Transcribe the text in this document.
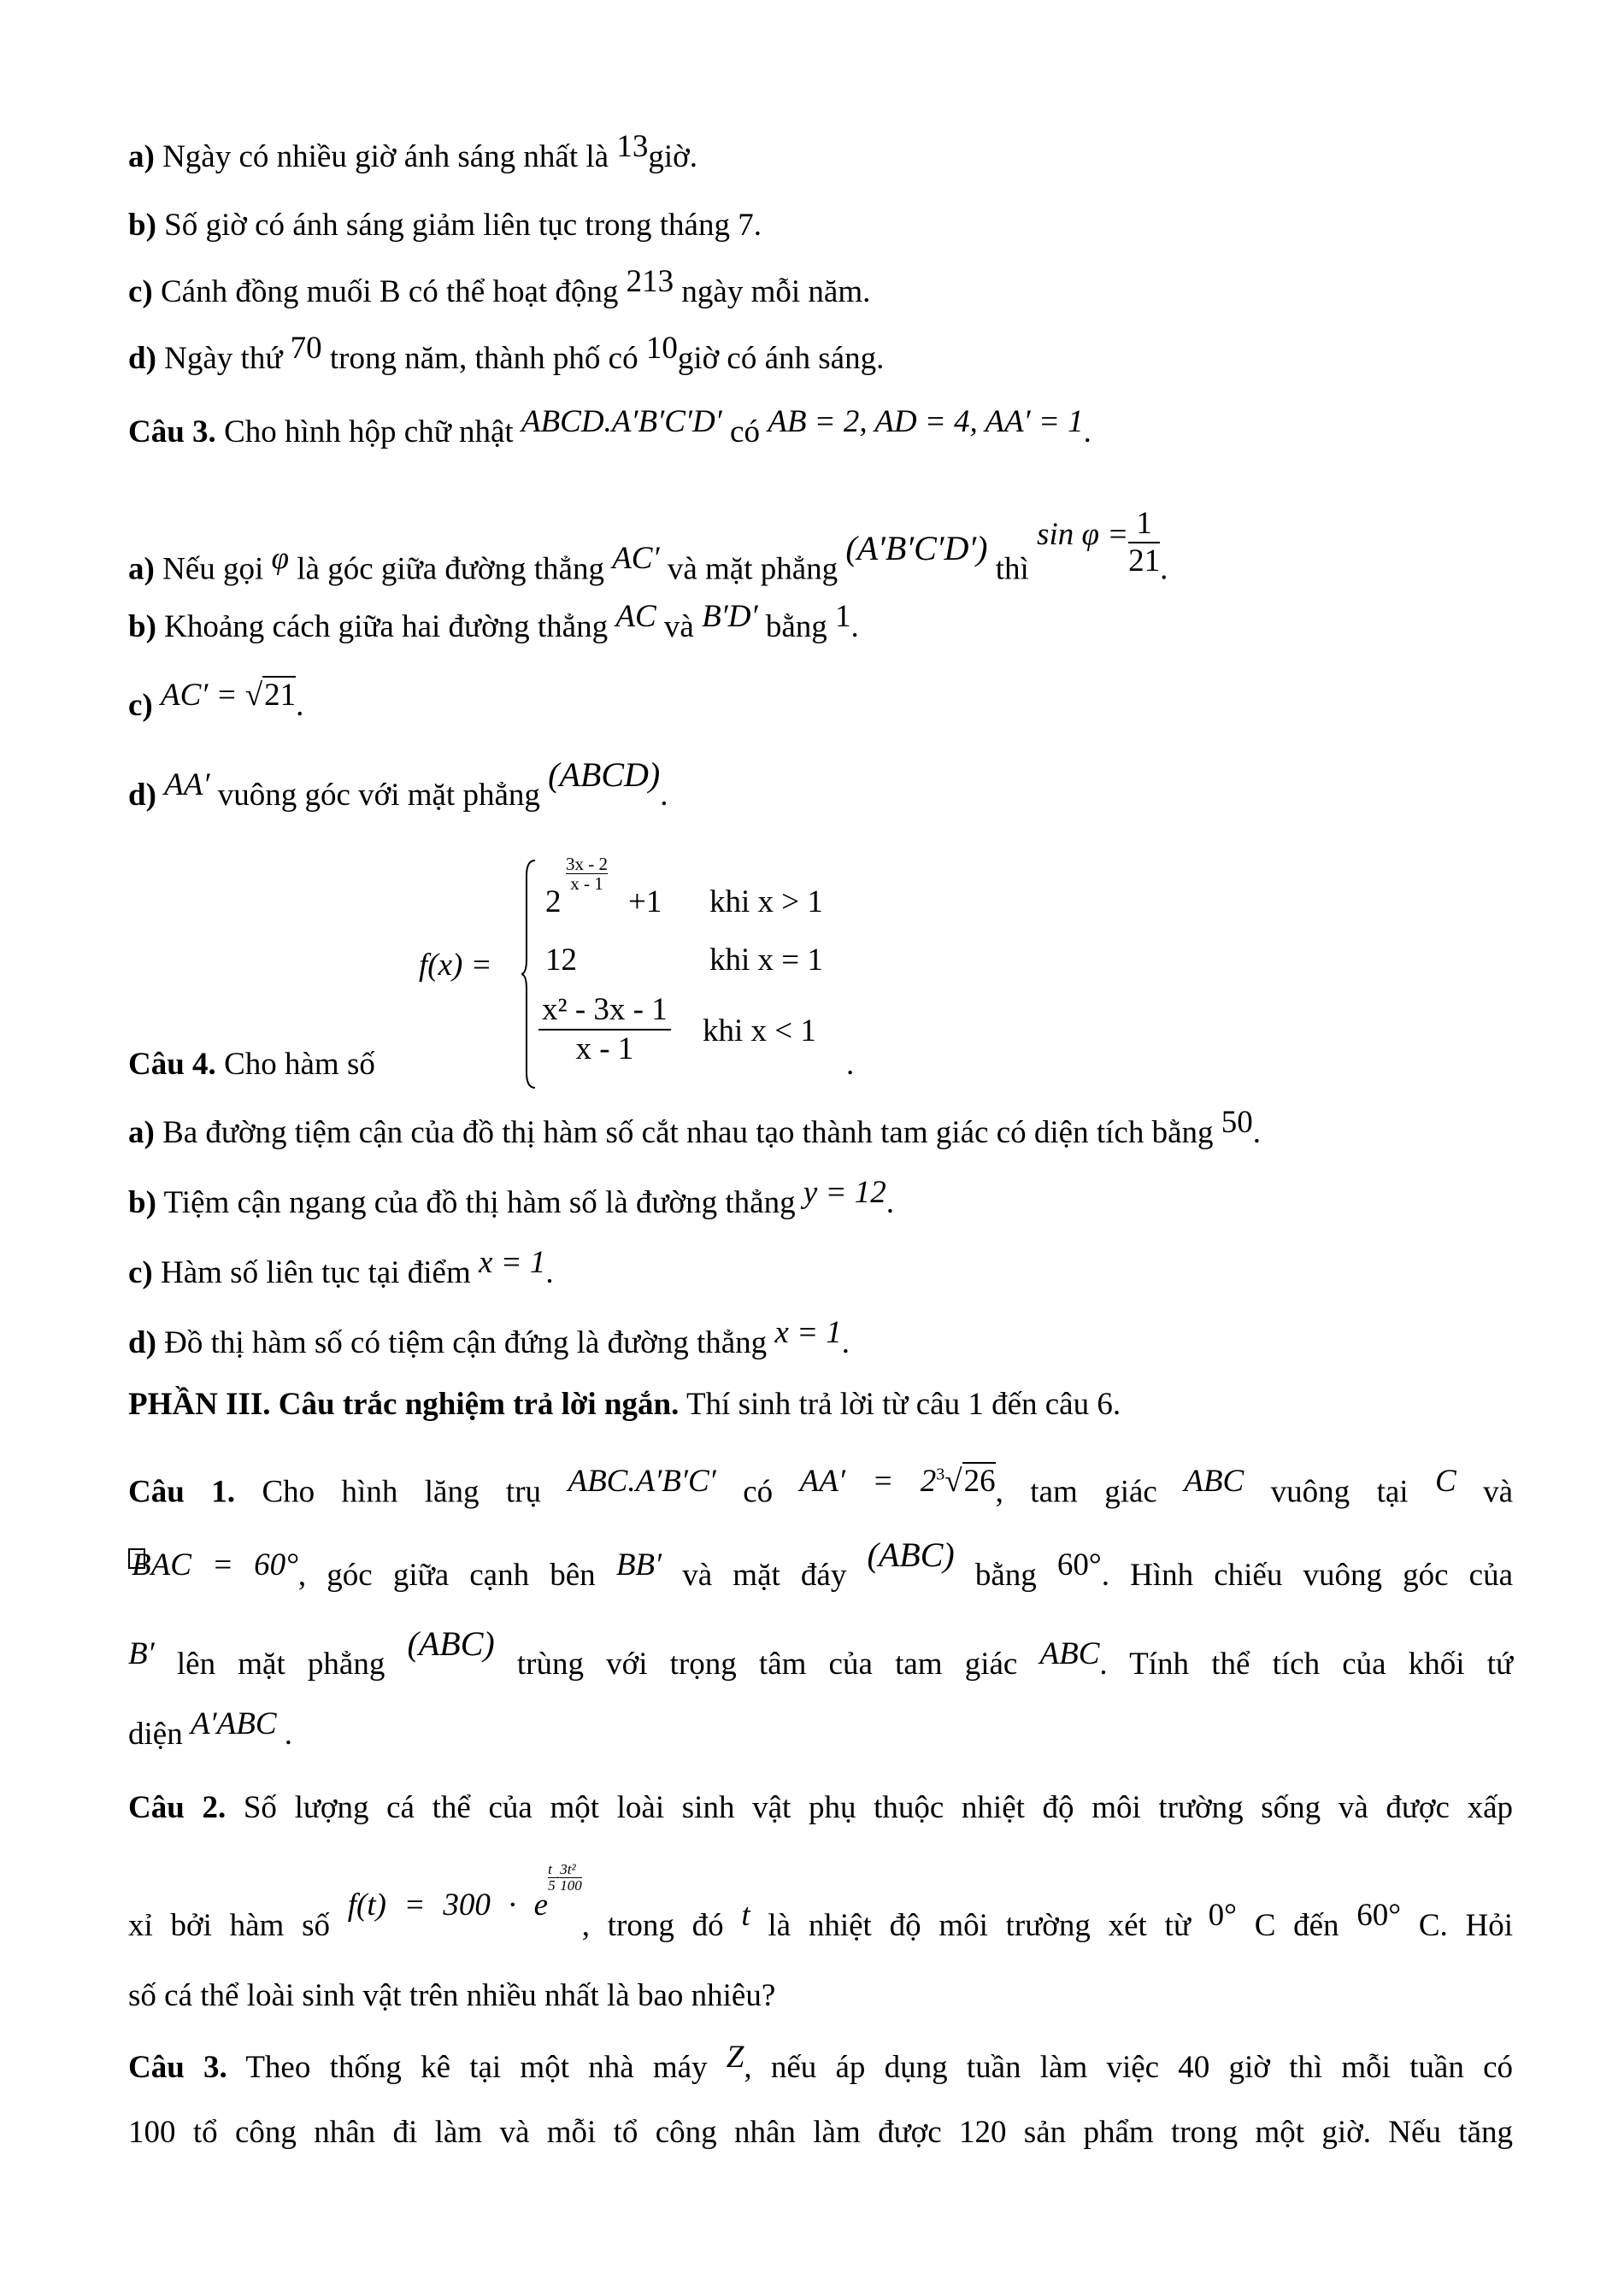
a) Ngày có nhiều giờ ánh sáng nhất là 13giờ.
b) Số giờ có ánh sáng giảm liên tục trong tháng 7.
c) Cánh đồng muối B có thể hoạt động 213 ngày mỗi năm.
d) Ngày thứ 70 trong năm, thành phố có 10giờ có ánh sáng.
Câu 3. Cho hình hộp chữ nhật ABCD.A′B′C′D′ có AB = 2, AD = 4, AA′ = 1.
a) Nếu gọi φ là góc giữa đường thẳng AC′ và mặt phẳng (A′B′C′D′) thì $\sin \varphi = \frac{1}{21}$ .
b) Khoảng cách giữa hai đường thẳng AC và B′D′ bằng 1.
c) AC′ = √21.
d) AA′ vuông góc với mặt phẳng (ABCD).
f(x) =
2
3x - 2
x - 1
+1 khi x > 1
12	khi x = 1
x² - 3x - 1
x - 1
khi x < 1
Câu 4. Cho hàm số	.
a) Ba đường tiệm cận của đồ thị hàm số cắt nhau tạo thành tam giác có diện tích bằng 50.
b) Tiệm cận ngang của đồ thị hàm số là đường thẳng y = 12.
c) Hàm số liên tục tại điểm x = 1.
d) Đồ thị hàm số có tiệm cận đứng là đường thẳng x = 1.
PHẦN III. Câu trắc nghiệm trả lời ngắn. Thí sinh trả lời từ câu 1 đến câu 6.
Câu 1. Cho hình lăng trụ ABC.A′B′C′ có $AA' = 2^3√26$, tam giác ABC vuông tại C và
BAC = 60°, góc giữa cạnh bên BB′ và mặt đáy (ABC) bằng 60°. Hình chiếu vuông góc của
B′ lên mặt phẳng (ABC) trùng với trọng tâm của tam giác ABC. Tính thể tích của khối tứ
diện A′ABC .
Câu 2. Số lượng cá thể của một loài sinh vật phụ thuộc nhiệt độ môi trường sống và được xấp
xỉ bởi hàm số f(t) = 300 · e
$\frac{t}{5} - \frac{\text{3t²}}{100}$
, trong đó t là nhiệt độ môi trường xét từ 0° C đến 60° C. Hỏi
số cá thể loài sinh vật trên nhiều nhất là bao nhiêu?
Câu 3. Theo thống kê tại một nhà máy Z, nếu áp dụng tuần làm việc 40 giờ thì mỗi tuần có
100 tổ công nhân đi làm và mỗi tổ công nhân làm được 120 sản phẩm trong một giờ. Nếu tăng
